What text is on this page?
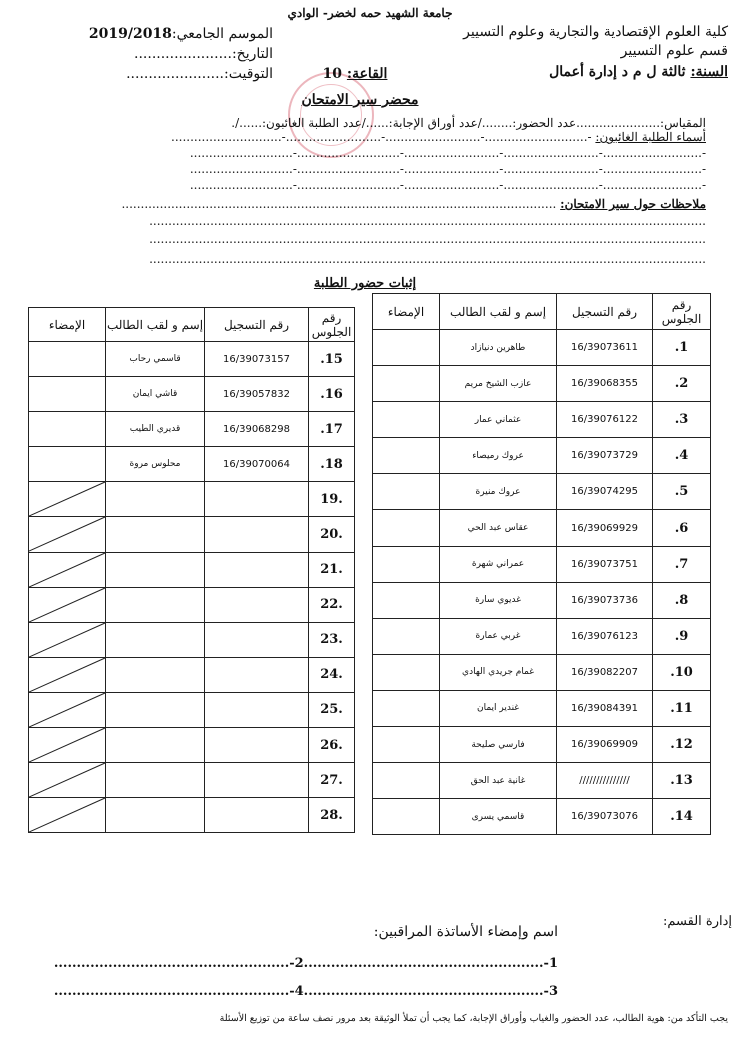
جامعة الشهيد حمه لخضر- الوادي
كلية العلوم الإقتصادية والتجارية وعلوم التسيير
قسم علوم التسيير
السنة: ثالثة ل م د إدارة أعمال
الموسم الجامعي:2019/2018
التاريخ:......................
التوقيت:......................	القاعة: 10
محضر سير الامتحان
المقياس:......................عدد الحضور:......../عدد أوراق الإجابة:....../عدد الطلبة الغائبون:....../.
أسماء الطلبة الغائبون: -...........................-.........................-.........................-.............................
-..........................-.........................-.........................-...........................-...........................
-..........................-.........................-.........................-...........................-...........................
-..........................-.........................-.........................-...........................-...........................
ملاحظات حول سير الامتحان: ..................................................................................................................
..................................................................................................................................................
..................................................................................................................................................
..................................................................................................................................................
إثبات حضور الطلبة
رقم الجلوس	رقم التسجيل	إسم و لقب الطالب	الإمضاء
1.	16/39073611	طاهرين دنيازاد	
2.	16/39068355	عازب الشيخ مريم	
3.	16/39076122	عثماني عمار	
4.	16/39073729	عروك رميصاء	
5.	16/39074295	عروك منيرة	
6.	16/39069929	عقاس عبد الحي	
7.	16/39073751	عمراني شهرة	
8.	16/39073736	غديوي سارة	
9.	16/39076123	غربي عمارة	
10.	16/39082207	غمام جريدي الهادي	
11.	16/39084391	غندير ايمان	
12.	16/39069909	فارسي صليحة	
13.	///////////////	غانية عبد الحق	
14.	16/39073076	قاسمي يسرى	
رقم الجلوس	رقم التسجيل	إسم و لقب الطالب	الإمضاء
15.	16/39073157	قاسمي رحاب	
16.	16/39057832	قاشي ايمان	
17.	16/39068298	قديري الطيب	
18.	16/39070064	محلوس مروة	
.19			

.20			

.21			

.22			

.23			

.24			

.25			

.26			

.27			

.28			
إدارة القسم:
اسم وإمضاء الأساتذة المراقبين:
1-.....................................................2-....................................................
3-.....................................................4-....................................................
يجب التأكد من: هوية الطالب، عدد الحضور والغياب وأوراق الإجابة، كما يجب أن تملأ الوثيقة بعد مرور نصف ساعة من توزيع الأسئلة
